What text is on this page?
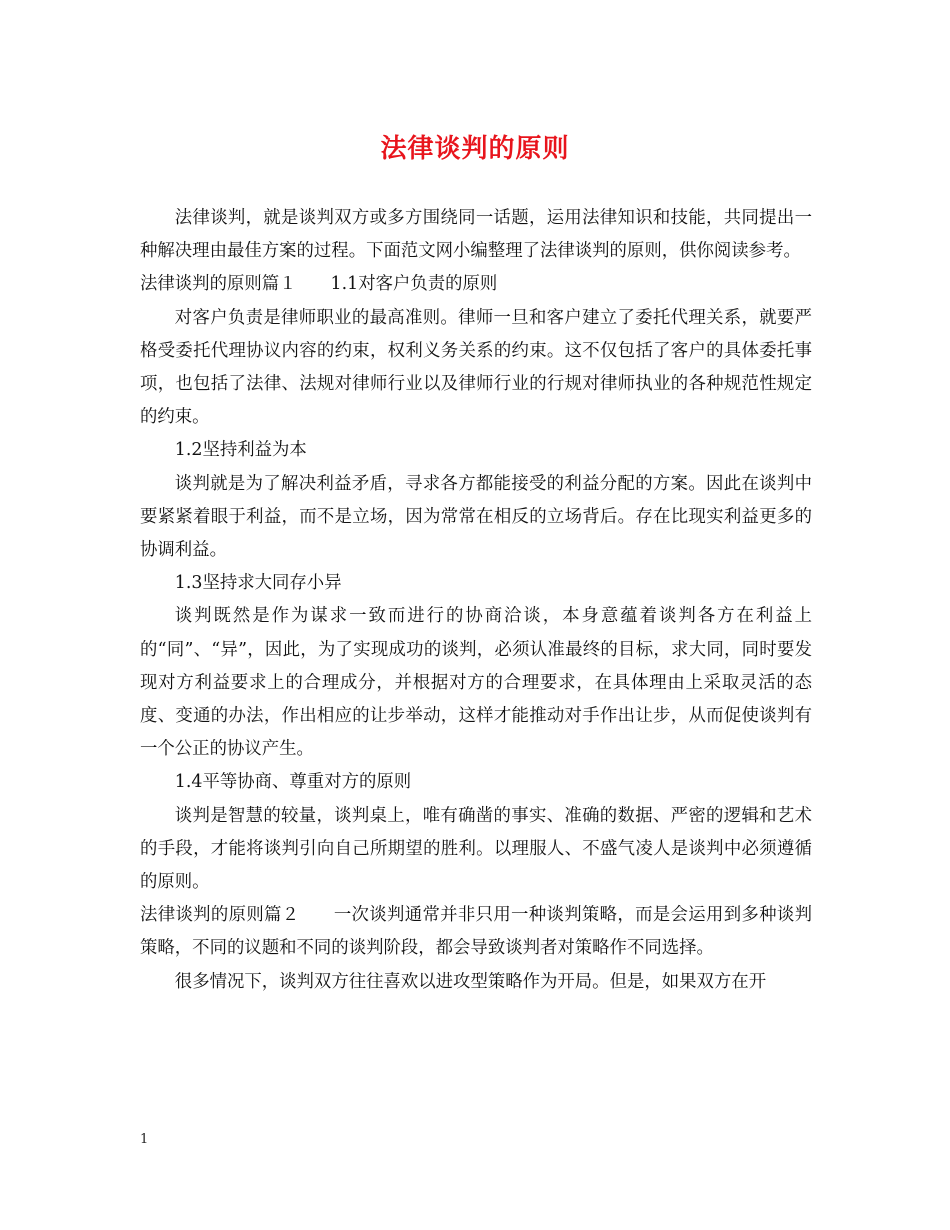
法律谈判的原则

法律谈判，就是谈判双方或多方围绕同一话题，运用法律知识和技能，共同提出一种解决理由最佳方案的过程。下面范文网小编整理了法律谈判的原则，供你阅读参考。

法律谈判的原则篇１ 1.1对客户负责的原则

对客户负责是律师职业的最高准则。律师一旦和客户建立了委托代理关系，就要严格受委托代理协议内容的约束，权利义务关系的约束。这不仅包括了客户的具体委托事项，也包括了法律、法规对律师行业以及律师行业的行规对律师执业的各种规范性规定的约束。

1.2坚持利益为本

谈判就是为了解决利益矛盾，寻求各方都能接受的利益分配的方案。因此在谈判中要紧紧着眼于利益，而不是立场，因为常常在相反的立场背后。存在比现实利益更多的协调利益。

1.3坚持求大同存小异

谈判既然是作为谋求一致而进行的协商洽谈，本身意蕴着谈判各方在利益上的“同”、“异”，因此，为了实现成功的谈判，必须认准最终的目标，求大同，同时要发现对方利益要求上的合理成分，并根据对方的合理要求，在具体理由上采取灵活的态度、变通的办法，作出相应的让步举动，这样才能推动对手作出让步，从而促使谈判有一个公正的协议产生。

1.4平等协商、尊重对方的原则

谈判是智慧的较量，谈判桌上，唯有确凿的事实、准确的数据、严密的逻辑和艺术的手段，才能将谈判引向自己所期望的胜利。以理服人、不盛气凌人是谈判中必须遵循的原则。

法律谈判的原则篇２ 一次谈判通常并非只用一种谈判策略，而是会运用到多种谈判策略，不同的议题和不同的谈判阶段，都会导致谈判者对策略作不同选择。

很多情况下，谈判双方往往喜欢以进攻型策略作为开局。但是，如果双方在开

1
